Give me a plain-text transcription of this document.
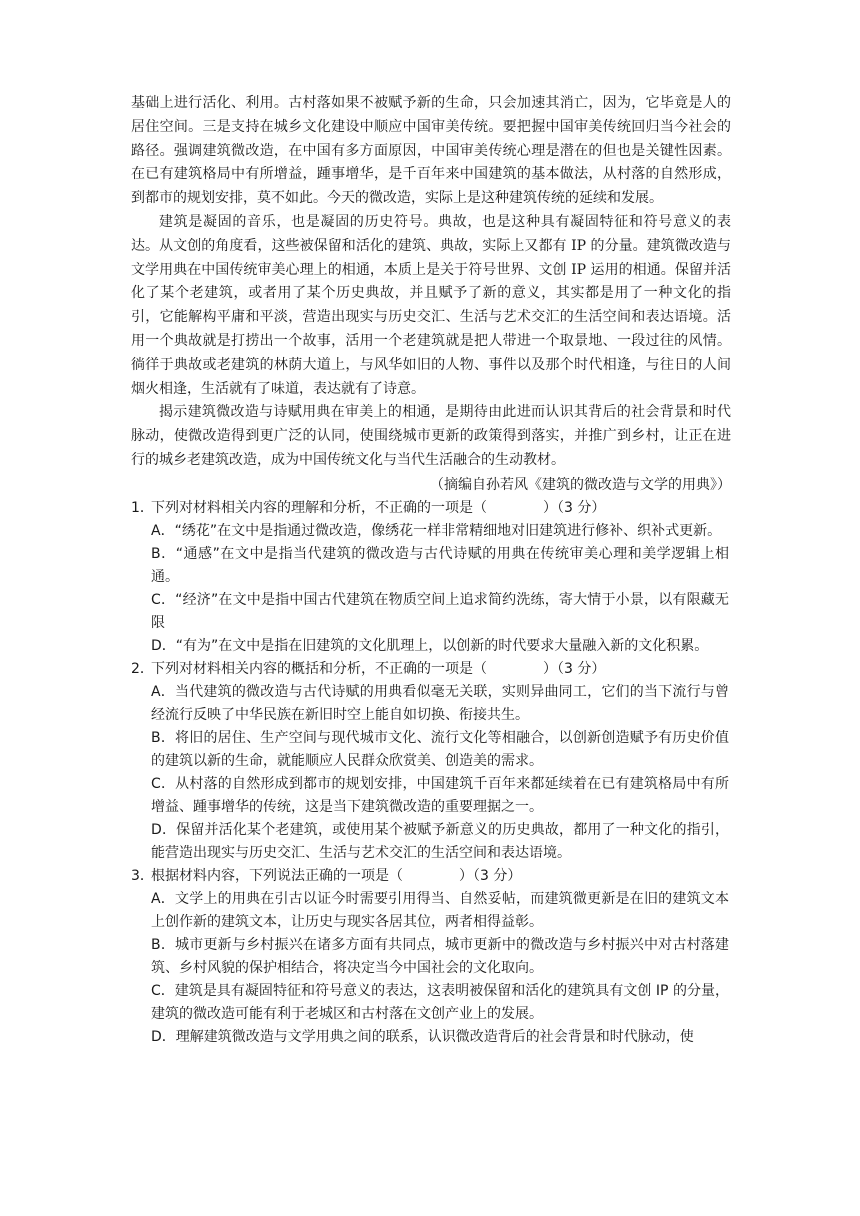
基础上进行活化、利用。古村落如果不被赋予新的生命，只会加速其消亡，因为，它毕竟是人的居住空间。三是支持在城乡文化建设中顺应中国审美传统。要把握中国审美传统回归当今社会的路径。强调建筑微改造，在中国有多方面原因，中国审美传统心理是潜在的但也是关键性因素。在已有建筑格局中有所增益，踵事增华，是千百年来中国建筑的基本做法，从村落的自然形成，到都市的规划安排，莫不如此。今天的微改造，实际上是这种建筑传统的延续和发展。

建筑是凝固的音乐，也是凝固的历史符号。典故，也是这种具有凝固特征和符号意义的表达。从文创的角度看，这些被保留和活化的建筑、典故，实际上又都有 IP 的分量。建筑微改造与文学用典在中国传统审美心理上的相通，本质上是关于符号世界、文创 IP 运用的相通。保留并活化了某个老建筑，或者用了某个历史典故，并且赋予了新的意义，其实都是用了一种文化的指引，它能解构平庸和平淡，营造出现实与历史交汇、生活与艺术交汇的生活空间和表达语境。活用一个典故就是打捞出一个故事，活用一个老建筑就是把人带进一个取景地、一段过往的风情。徜徉于典故或老建筑的林荫大道上，与风华如旧的人物、事件以及那个时代相逢，与往日的人间烟火相逢，生活就有了味道，表达就有了诗意。

揭示建筑微改造与诗赋用典在审美上的相通，是期待由此进而认识其背后的社会背景和时代脉动，使微改造得到更广泛的认同，使围绕城市更新的政策得到落实，并推广到乡村，让正在进行的城乡老建筑改造，成为中国传统文化与当代生活融合的生动教材。

（摘编自孙若风《建筑的微改造与文学的用典》）
1．下列对材料相关内容的理解和分析，不正确的一项是（	）（3 分）
A．“绣花”在文中是指通过微改造，像绣花一样非常精细地对旧建筑进行修补、织补式更新。
B．“通感”在文中是指当代建筑的微改造与古代诗赋的用典在传统审美心理和美学逻辑上相通。
C．“经济”在文中是指中国古代建筑在物质空间上追求简约洗练，寄大情于小景，以有限藏无限
D．“有为”在文中是指在旧建筑的文化肌理上，以创新的时代要求大量融入新的文化积累。
2．下列对材料相关内容的概括和分析，不正确的一项是（	）（3 分）
A．当代建筑的微改造与古代诗赋的用典看似毫无关联，实则异曲同工，它们的当下流行与曾经流行反映了中华民族在新旧时空上能自如切换、衔接共生。
B．将旧的居住、生产空间与现代城市文化、流行文化等相融合，以创新创造赋予有历史价值的建筑以新的生命，就能顺应人民群众欣赏美、创造美的需求。
C．从村落的自然形成到都市的规划安排，中国建筑千百年来都延续着在已有建筑格局中有所增益、踵事增华的传统，这是当下建筑微改造的重要理据之一。
D．保留并活化某个老建筑，或使用某个被赋予新意义的历史典故，都用了一种文化的指引，能营造出现实与历史交汇、生活与艺术交汇的生活空间和表达语境。
3．根据材料内容，下列说法正确的一项是（	）（3 分）
A．文学上的用典在引古以证今时需要引用得当、自然妥帖，而建筑微更新是在旧的建筑文本上创作新的建筑文本，让历史与现实各居其位，两者相得益彰。
B．城市更新与乡村振兴在诸多方面有共同点，城市更新中的微改造与乡村振兴中对古村落建筑、乡村风貌的保护相结合，将决定当今中国社会的文化取向。
C．建筑是具有凝固特征和符号意义的表达，这表明被保留和活化的建筑具有文创 IP 的分量，建筑的微改造可能有利于老城区和古村落在文创产业上的发展。
D．理解建筑微改造与文学用典之间的联系，认识微改造背后的社会背景和时代脉动，使
